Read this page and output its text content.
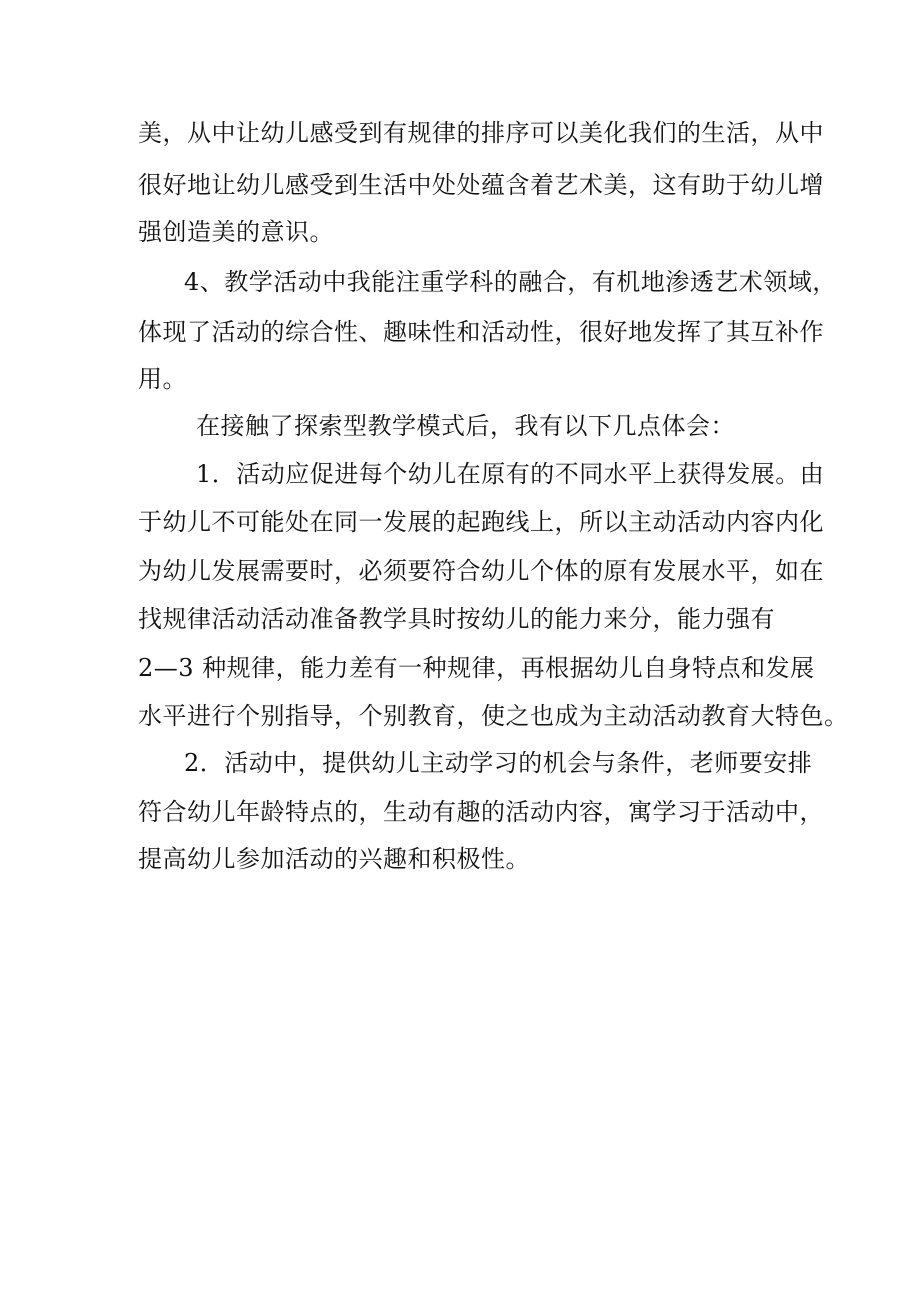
美，从中让幼儿感受到有规律的排序可以美化我们的生活，从中
很好地让幼儿感受到生活中处处蕴含着艺术美，这有助于幼儿增
强创造美的意识。
4、教学活动中我能注重学科的融合，有机地渗透艺术领域，
体现了活动的综合性、趣味性和活动性，很好地发挥了其互补作
用。
在接触了探索型教学模式后，我有以下几点体会：
1．活动应促进每个幼儿在原有的不同水平上获得发展。由
于幼儿不可能处在同一发展的起跑线上，所以主动活动内容内化
为幼儿发展需要时，必须要符合幼儿个体的原有发展水平，如在
找规律活动活动准备教学具时按幼儿的能力来分，能力强有
2—3 种规律，能力差有一种规律，再根据幼儿自身特点和发展
水平进行个别指导，个别教育，使之也成为主动活动教育大特色。
2．活动中，提供幼儿主动学习的机会与条件，老师要安排
符合幼儿年龄特点的，生动有趣的活动内容，寓学习于活动中，
提高幼儿参加活动的兴趣和积极性。
